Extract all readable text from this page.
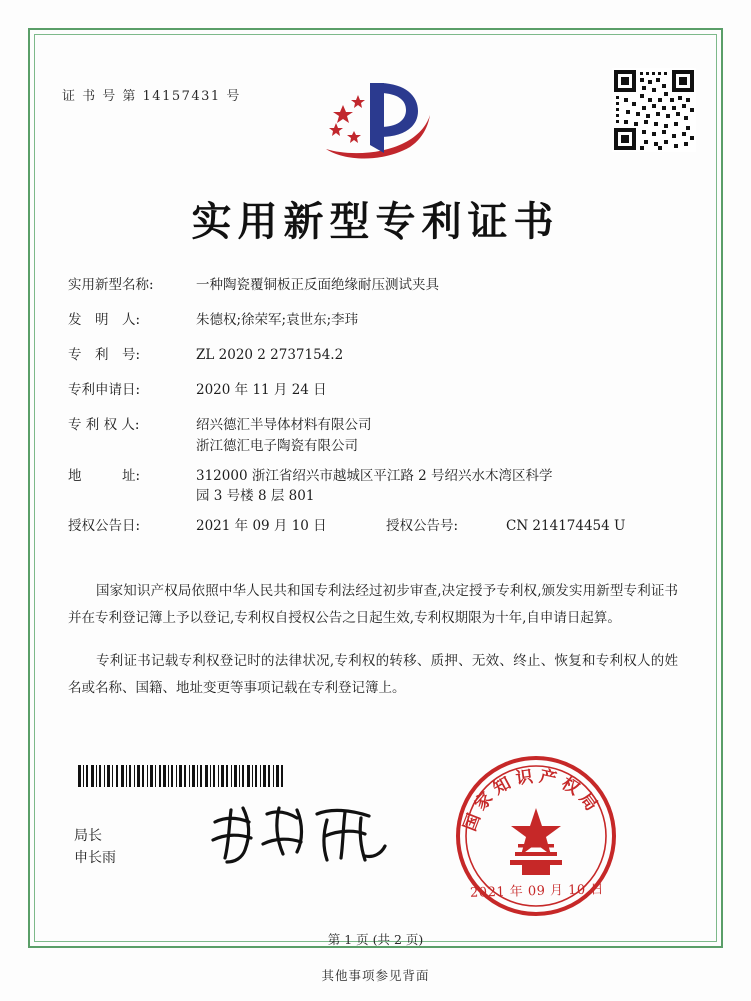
证 书 号 第 14157431 号
实用新型专利证书
实用新型名称:	一种陶瓷覆铜板正反面绝缘耐压测试夹具
发　明　人:	朱德权;徐荣军;袁世东;李玮
专　利　号:	ZL 2020 2 2737154.2
专利申请日:	2020 年 11 月 24 日
专 利 权 人:	绍兴德汇半导体材料有限公司
浙江德汇电子陶瓷有限公司
地　　　址:	312000 浙江省绍兴市越城区平江路 2 号绍兴水木湾区科学
园 3 号楼 8 层 801
授权公告日:	2021 年 09 月 10 日	授权公告号:	CN 214174454 U
国家知识产权局依照中华人民共和国专利法经过初步审查,决定授予专利权,颁发实用新型专利证书并在专利登记簿上予以登记,专利权自授权公告之日起生效,专利权期限为十年,自申请日起算。
专利证书记载专利权登记时的法律状况,专利权的转移、质押、无效、终止、恢复和专利权人的姓名或名称、国籍、地址变更等事项记载在专利登记簿上。
局长
申长雨
国家知识产权局
2021 年 09 月 10 日
第 1 页 (共 2 页)
其他事项参见背面
